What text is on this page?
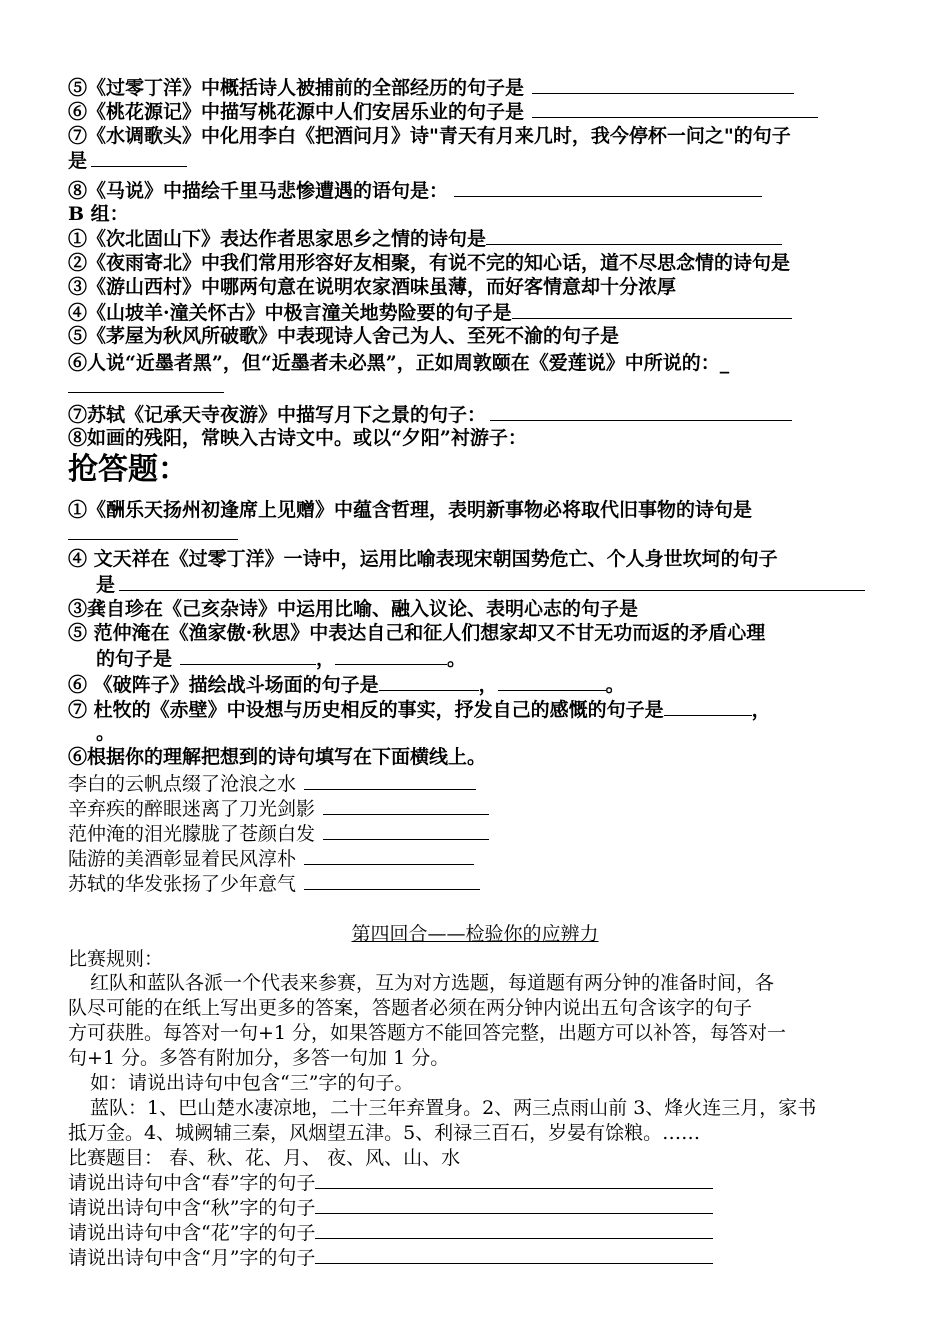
⑤《过零丁洋》中概括诗人被捕前的全部经历的句子是
⑥《桃花源记》中描写桃花源中人们安居乐业的句子是
⑦《水调歌头》中化用李白《把酒问月》诗"青天有月来几时，我今停杯一问之"的句子
是
⑧《马说》中描绘千里马悲惨遭遇的语句是：
B 组：
①《次北固山下》表达作者思家思乡之情的诗句是
②《夜雨寄北》中我们常用形容好友相聚，有说不完的知心话，道不尽思念情的诗句是
③《游山西村》中哪两句意在说明农家酒味虽薄，而好客情意却十分浓厚
④《山坡羊·潼关怀古》中极言潼关地势险要的句子是
⑤《茅屋为秋风所破歌》中表现诗人舍己为人、至死不渝的句子是
⑥人说“近墨者黑”，但“近墨者未必黑”，正如周敦颐在《爱莲说》中所说的：_
⑦苏轼《记承天寺夜游》中描写月下之景的句子：
⑧如画的残阳，常映入古诗文中。或以“夕阳”衬游子：
抢答题：
①《酬乐天扬州初逢席上见赠》中蕴含哲理，表明新事物必将取代旧事物的诗句是
④ 文天祥在《过零丁洋》一诗中，运用比喻表现宋朝国势危亡、个人身世坎坷的句子
是
③龚自珍在《己亥杂诗》中运用比喻、融入议论、表明心志的句子是
⑤ 范仲淹在《渔家傲·秋思》中表达自己和征人们想家却又不甘无功而返的矛盾心理
的句子是	，	。
⑥ 《破阵子》描绘战斗场面的句子是	，	。
⑦ 杜牧的《赤壁》中设想与历史相反的事实，抒发自己的感慨的句子是	，
。
⑥根据你的理解把想到的诗句填写在下面横线上。
李白的云帆点缀了沧浪之水
辛弃疾的醉眼迷离了刀光剑影
范仲淹的泪光朦胧了苍颜白发
陆游的美酒彰显着民风淳朴
苏轼的华发张扬了少年意气
第四回合——检验你的应辨力
比赛规则：
红队和蓝队各派一个代表来参赛，互为对方选题，每道题有两分钟的准备时间，各
队尽可能的在纸上写出更多的答案，答题者必须在两分钟内说出五句含该字的句子
方可获胜。每答对一句+1 分，如果答题方不能回答完整，出题方可以补答，每答对一
句+1 分。多答有附加分，多答一句加 1 分。
如：请说出诗句中包含“三”字的句子。
蓝队：1、巴山楚水凄凉地，二十三年弃置身。2、两三点雨山前 3、烽火连三月，家书
抵万金。4、城阙辅三秦，风烟望五津。5、利禄三百石，岁晏有馀粮。……
比赛题目： 春、秋、花、月、 夜、风、山、水
请说出诗句中含“春”字的句子
请说出诗句中含“秋”字的句子
请说出诗句中含“花”字的句子
请说出诗句中含“月”字的句子
